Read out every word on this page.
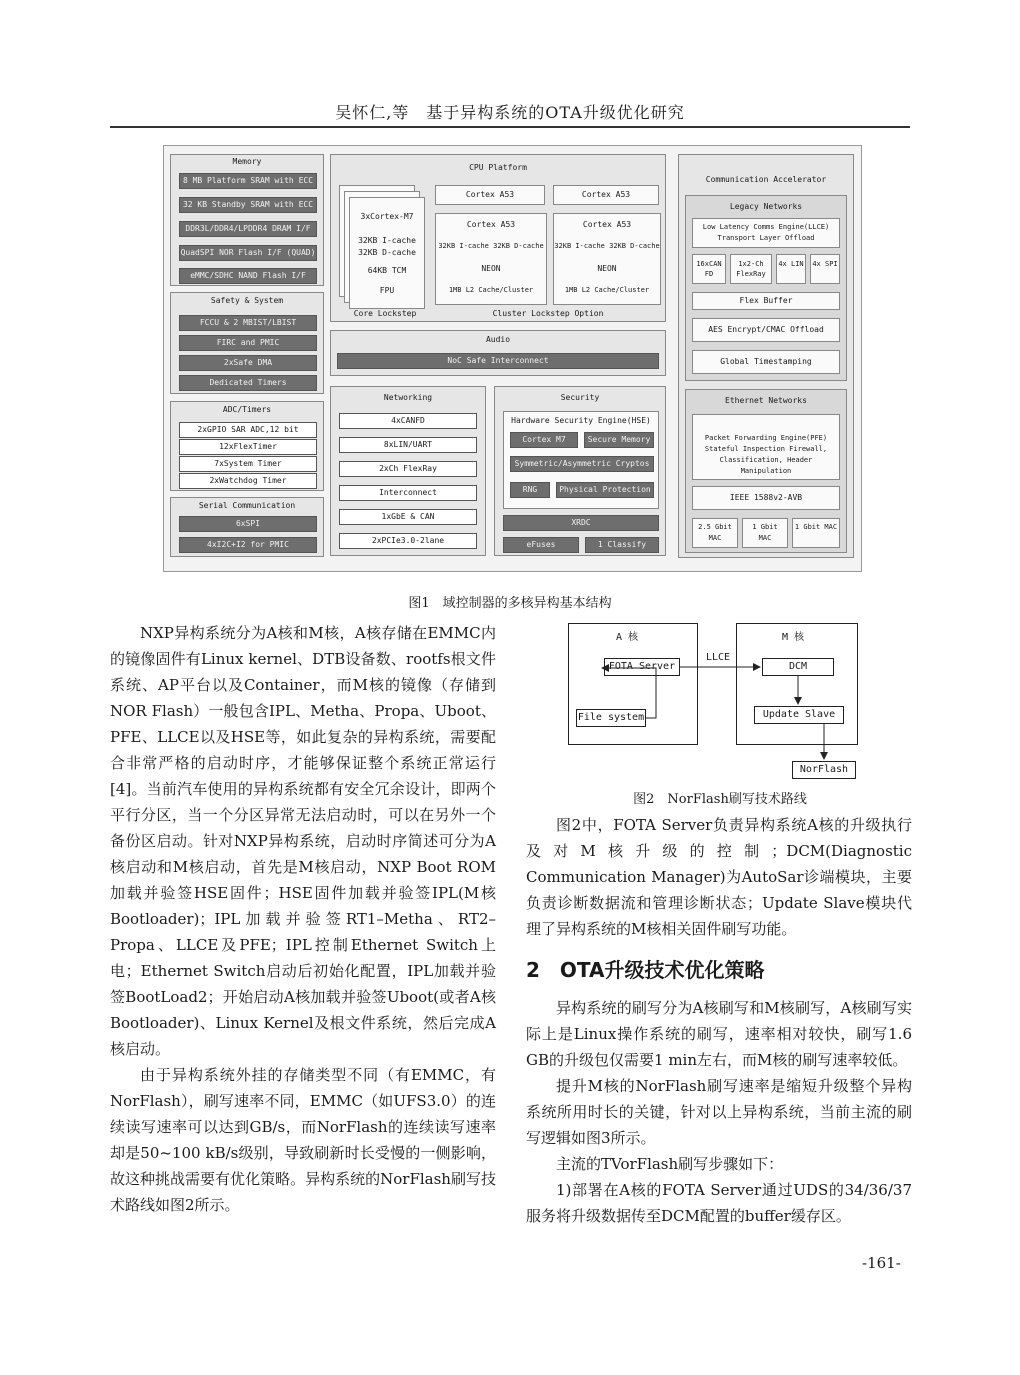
吴怀仁,等　基于异构系统的OTA升级优化研究
Memory
8 MB Platform SRAM with ECC
32 KB Standby SRAM with ECC
DDR3L/DDR4/LPDDR4 DRAM I/F
QuadSPI NOR Flash I/F (QUAD)
eMMC/SDHC NAND Flash I/F
Safety & System
FCCU & 2 MBIST/LBIST
FIRC and PMIC
2xSafe DMA
Dedicated Timers
ADC/Timers
2xGPIO SAR ADC,12 bit
12xFlexTimer
7xSystem Timer
2xWatchdog Timer
Serial Communication
6xSPI
4xI2C+I2 for PMIC
CPU Platform
3xCortex-M7
32KB I-cache
32KB D-cache
64KB TCM
FPU
Core Lockstep
Cortex A53
Cortex A53
32KB I-cache 32KB D-cache
NEON
1MB L2 Cache/Cluster
Cortex A53
Cortex A53
32KB I-cache 32KB D-cache
NEON
1MB L2 Cache/Cluster
Cluster Lockstep Option
Audio
NoC Safe Interconnect
Networking
4xCANFD
8xLIN/UART
2xCh FlexRay
Interconnect
1xGbE & CAN
2xPCIe3.0-2lane
Security
Hardware Security Engine(HSE)
Cortex M7	Secure Memory
Symmetric/Asymmetric Cryptos
RNG	Physical Protection
XRDC
eFuses	1 Classify
Communication Accelerator
Legacy Networks
Low Latency Comms Engine(LLCE) Transport Layer Offload
16xCAN FD
1x2-Ch FlexRay
4x LIN 4x SPI
Flex Buffer
AES Encrypt/CMAC Offload
Global Timestamping
Ethernet Networks
Packet Forwarding Engine(PFE) Stateful Inspection Firewall, Classification, Header Manipulation
IEEE 1588v2-AVB
2.5 Gbit MAC
1 Gbit MAC
1 Gbit MAC
图1　域控制器的多核异构基本结构

NXP异构系统分为A核和M核，A核存储在EMMC内的镜像固件有Linux kernel、DTB设备数、rootfs根文件系统、AP平台以及Container，而M核的镜像（存储到NOR Flash）一般包含IPL、Metha、Propa、Uboot、PFE、LLCE以及HSE等，如此复杂的异构系统，需要配合非常严格的启动时序，才能够保证整个系统正常运行[4]。当前汽车使用的异构系统都有安全冗余设计，即两个平行分区，当一个分区异常无法启动时，可以在另外一个备份区启动。针对NXP异构系统，启动时序简述可分为A核启动和M核启动，首先是M核启动，NXP Boot ROM加载并验签HSE固件；HSE固件加载并验签IPL(M核Bootloader)；IPL加载并验签RT1–Metha、RT2–Propa、LLCE及PFE；IPL控制Ethernet Switch上电；Ethernet Switch启动后初始化配置，IPL加载并验签BootLoad2；开始启动A核加载并验签Uboot(或者A核Bootloader)、Linux Kernel及根文件系统，然后完成A核启动。

由于异构系统外挂的存储类型不同（有EMMC，有NorFlash），刷写速率不同，EMMC（如UFS3.0）的连续读写速率可以达到GB/s，而NorFlash的连续读写速率却是50~100 kB/s级别，导致刷新时长受慢的一侧影响，故这种挑战需要有优化策略。异构系统的NorFlash刷写技术路线如图2所示。

A 核	M 核
FOTA Server
File system
DCM
Update Slave
NorFlash
LLCE
图2　NorFlash刷写技术路线

图2中，FOTA Server负责异构系统A核的升级执行及对M核升级的控制；DCM(Diagnostic Communication Manager)为AutoSar诊端模块，主要负责诊断数据流和管理诊断状态；Update Slave模块代理了异构系统的M核相关固件刷写功能。

2　OTA升级技术优化策略

异构系统的刷写分为A核刷写和M核刷写，A核刷写实际上是Linux操作系统的刷写，速率相对较快，刷写1.6 GB的升级包仅需要1 min左右，而M核的刷写速率较低。

提升M核的NorFlash刷写速率是缩短升级整个异构系统所用时长的关键，针对以上异构系统，当前主流的刷写逻辑如图3所示。

主流的TVorFlash刷写步骤如下：

1)部署在A核的FOTA Server通过UDS的34/36/37服务将升级数据传至DCM配置的buffer缓存区。

-161-
